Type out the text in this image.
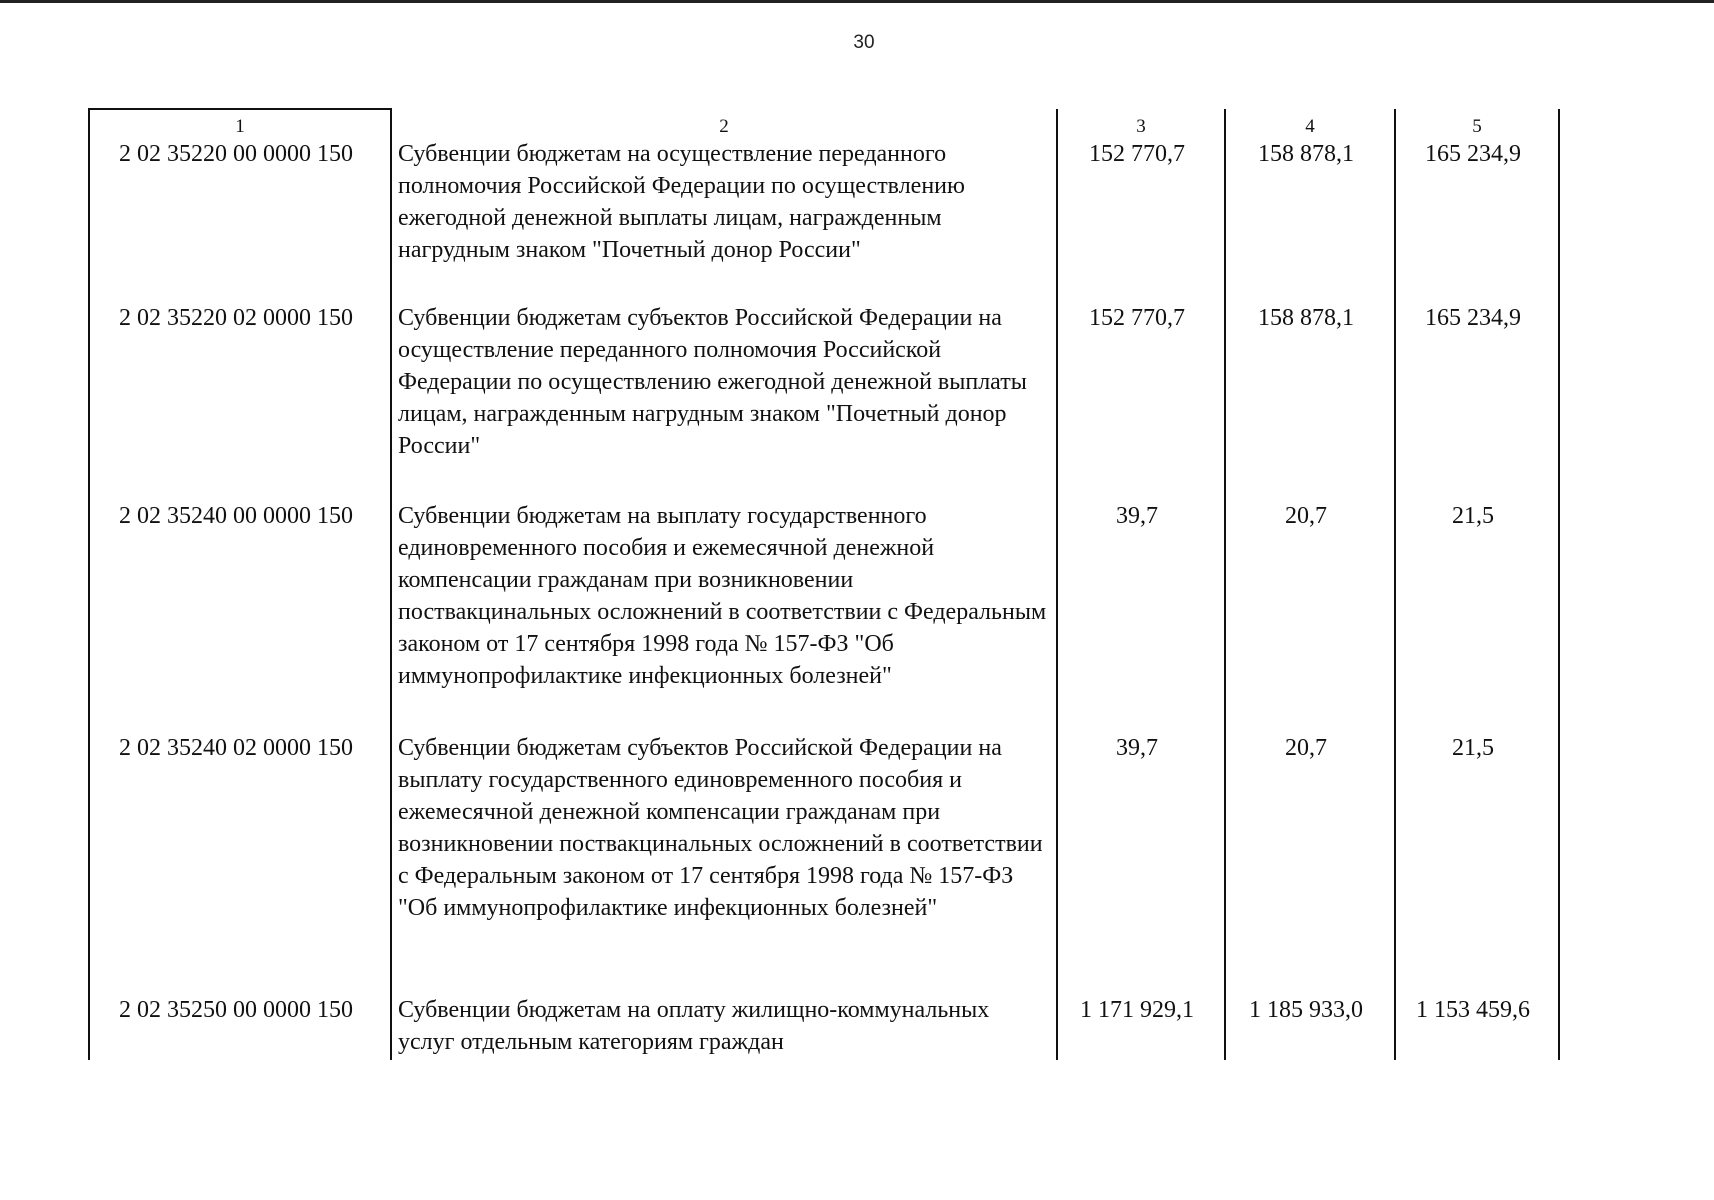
30
1	2	3	4	5
2 02 35220 00 0000 150	Субвенции бюджетам на осуществление переданного полномочия Российской Федерации по осуществлению ежегодной денежной выплаты лицам, награжденным нагрудным знаком "Почетный донор России"	152 770,7	158 878,1	165 234,9
2 02 35220 02 0000 150	Субвенции бюджетам субъектов Российской Федерации на осуществление переданного полномочия Российской Федерации по осуществлению ежегодной денежной выплаты лицам, награжденным нагрудным знаком "Почетный донор России"	152 770,7	158 878,1	165 234,9
2 02 35240 00 0000 150	Субвенции бюджетам на выплату государственного единовременного пособия и ежемесячной денежной компенсации гражданам при возникновении поствакцинальных осложнений в соответствии с Федеральным законом от 17 сентября 1998 года № 157-ФЗ "Об иммунопрофилактике инфекционных болезней"	39,7	20,7	21,5
2 02 35240 02 0000 150	Субвенции бюджетам субъектов Российской Федерации на выплату государственного единовременного пособия и ежемесячной денежной компенсации гражданам при возникновении поствакцинальных осложнений в соответствии с Федеральным законом от 17 сентября 1998 года № 157-ФЗ "Об иммунопрофилактике инфекционных болезней"	39,7	20,7	21,5
2 02 35250 00 0000 150	Субвенции бюджетам на оплату жилищно-коммунальных услуг отдельным категориям граждан	1 171 929,1	1 185 933,0	1 153 459,6
